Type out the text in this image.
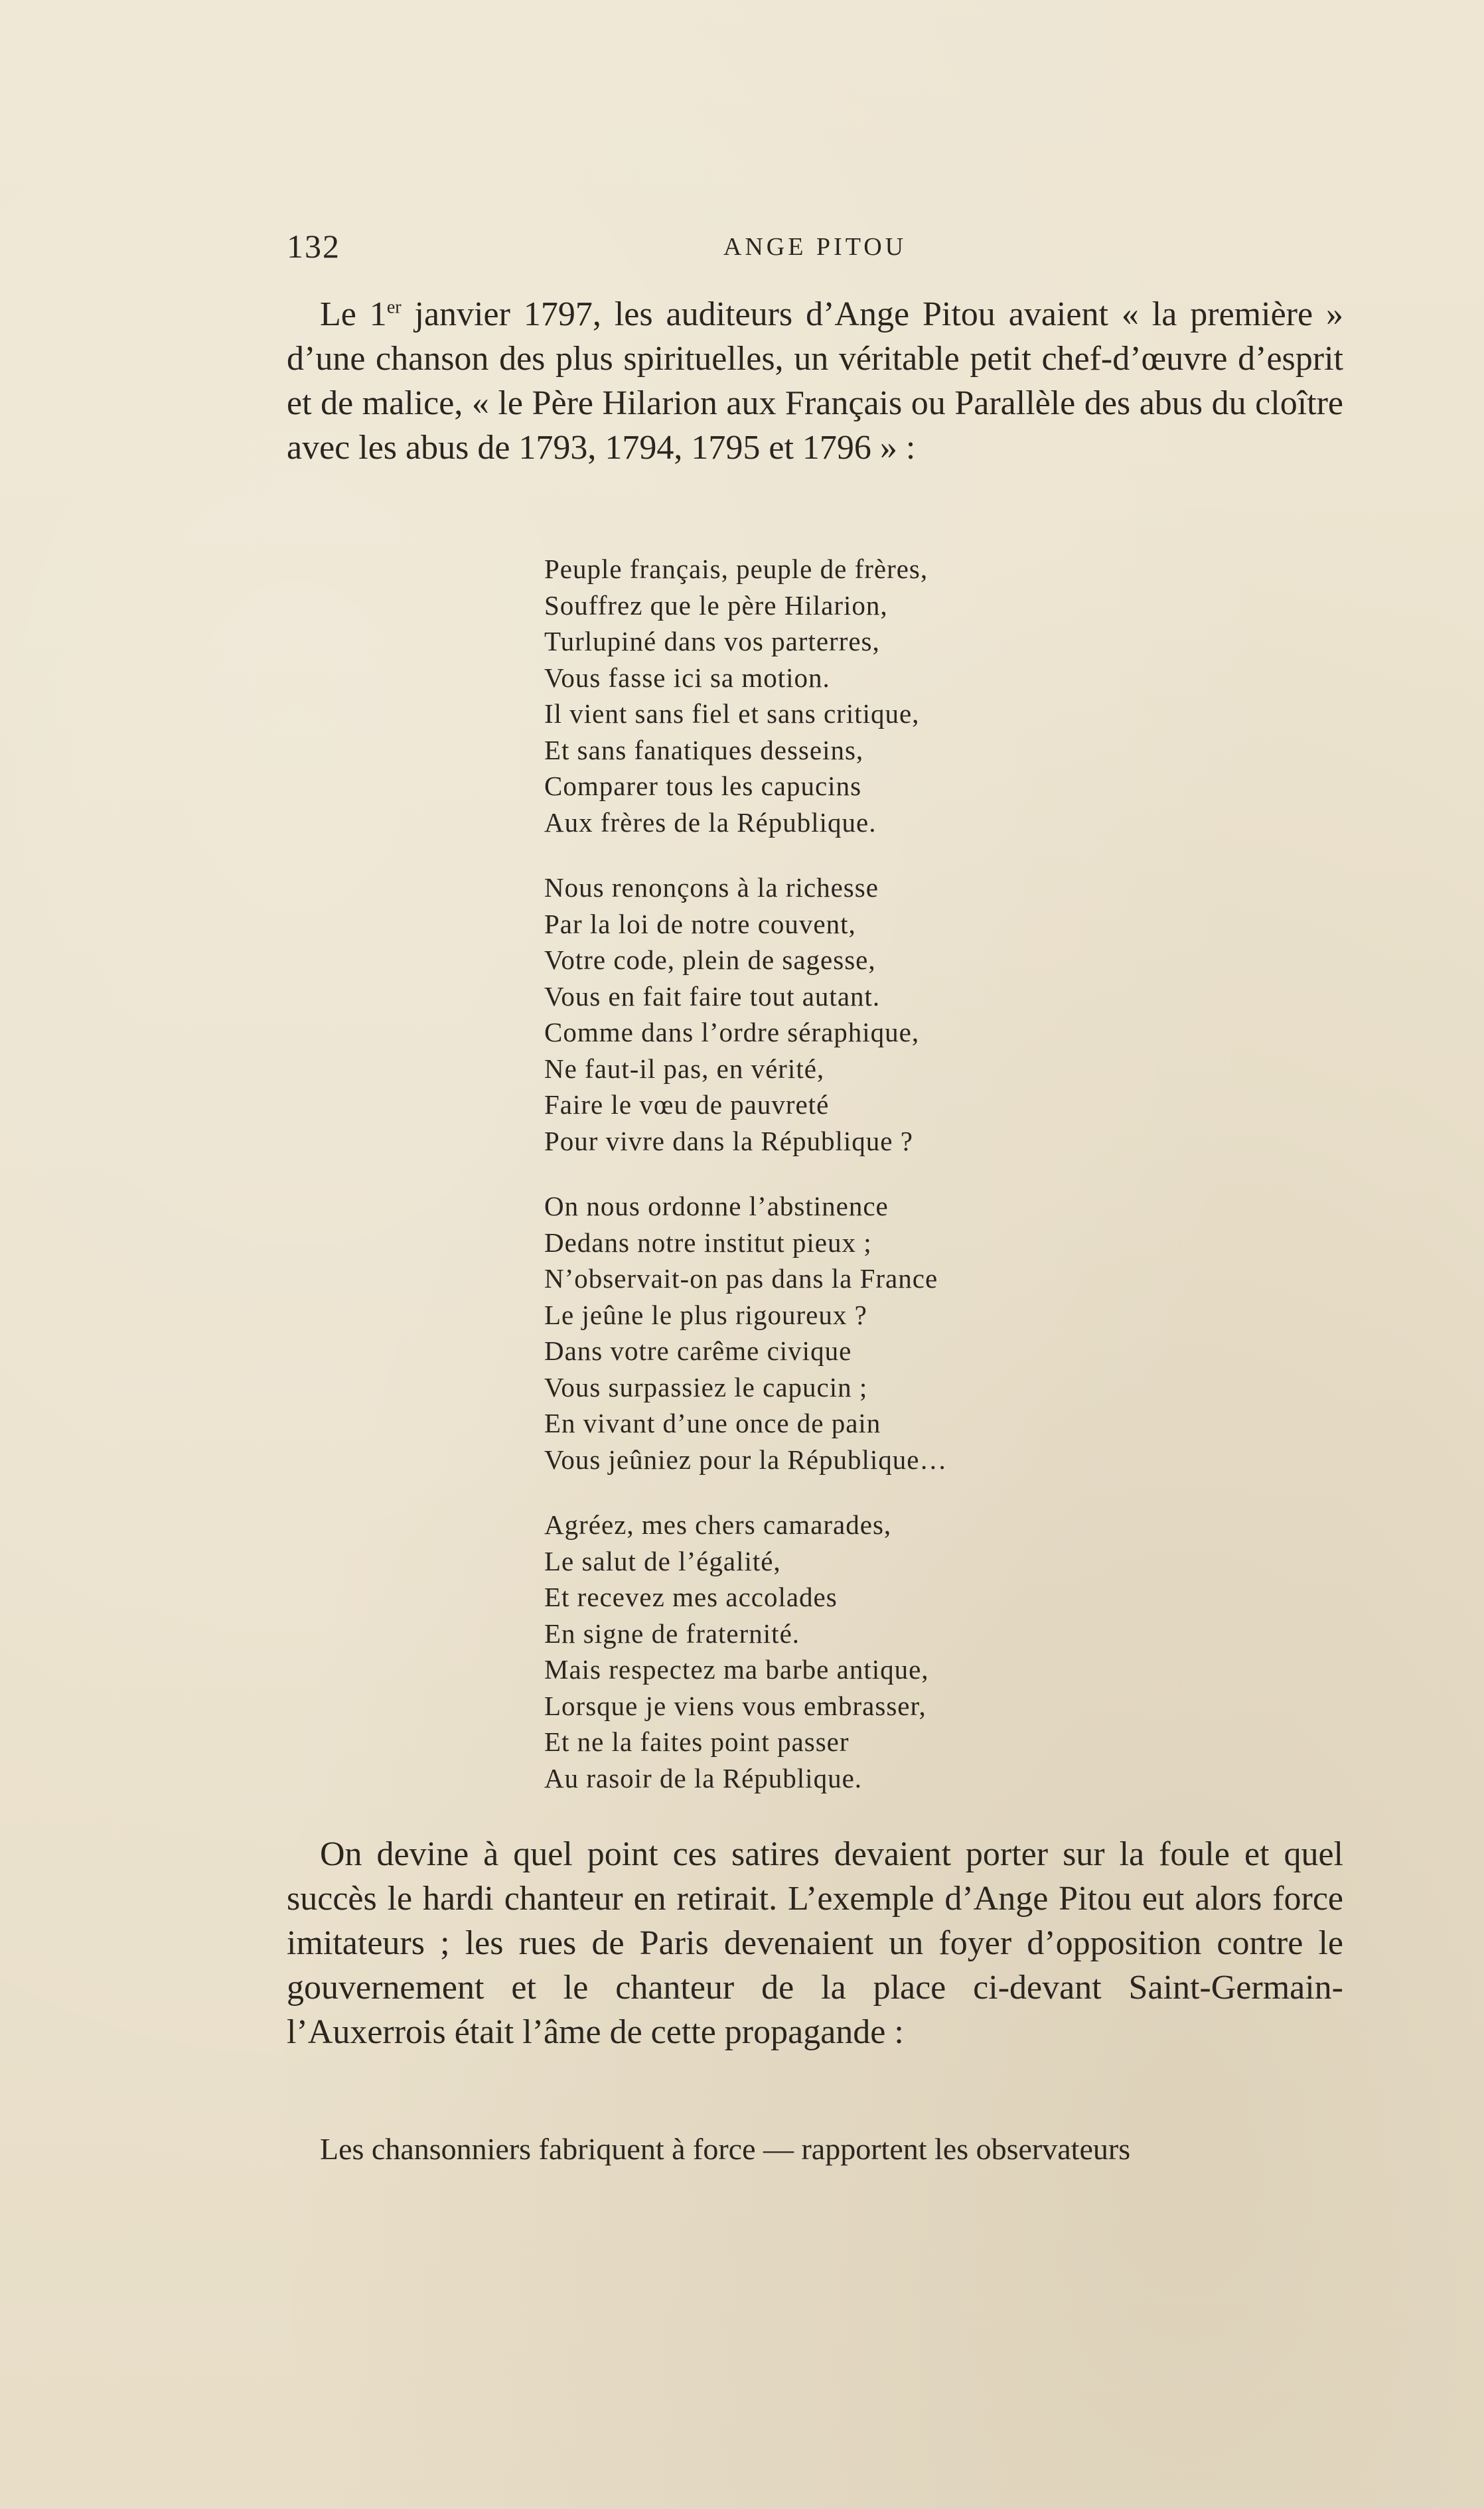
132	ANGE PITOU

Le 1er janvier 1797, les auditeurs d’Ange Pitou avaient « la première » d’une chanson des plus spirituelles, un véritable petit chef-d’œuvre d’esprit et de malice, « le Père Hilarion aux Français ou Parallèle des abus du cloître avec les abus de 1793, 1794, 1795 et 1796 » :

Peuple français, peuple de frères,
Souffrez que le père Hilarion,
Turlupiné dans vos parterres,
Vous fasse ici sa motion.
Il vient sans fiel et sans critique,
Et sans fanatiques desseins,
Comparer tous les capucins
Aux frères de la République.
Nous renonçons à la richesse
Par la loi de notre couvent,
Votre code, plein de sagesse,
Vous en fait faire tout autant.
Comme dans l’ordre séraphique,
Ne faut-il pas, en vérité,
Faire le vœu de pauvreté
Pour vivre dans la République ?
On nous ordonne l’abstinence
Dedans notre institut pieux ;
N’observait-on pas dans la France
Le jeûne le plus rigoureux ?
Dans votre carême civique
Vous surpassiez le capucin ;
En vivant d’une once de pain
Vous jeûniez pour la République…
Agréez, mes chers camarades,
Le salut de l’égalité,
Et recevez mes accolades
En signe de fraternité.
Mais respectez ma barbe antique,
Lorsque je viens vous embrasser,
Et ne la faites point passer
Au rasoir de la République.

On devine à quel point ces satires devaient porter sur la foule et quel succès le hardi chanteur en retirait. L’exemple d’Ange Pitou eut alors force imitateurs ; les rues de Paris devenaient un foyer d’opposition contre le gouvernement et le chanteur de la place ci-devant Saint-Germain-l’Auxerrois était l’âme de cette propagande :

Les chansonniers fabriquent à force — rapportent les observateurs
